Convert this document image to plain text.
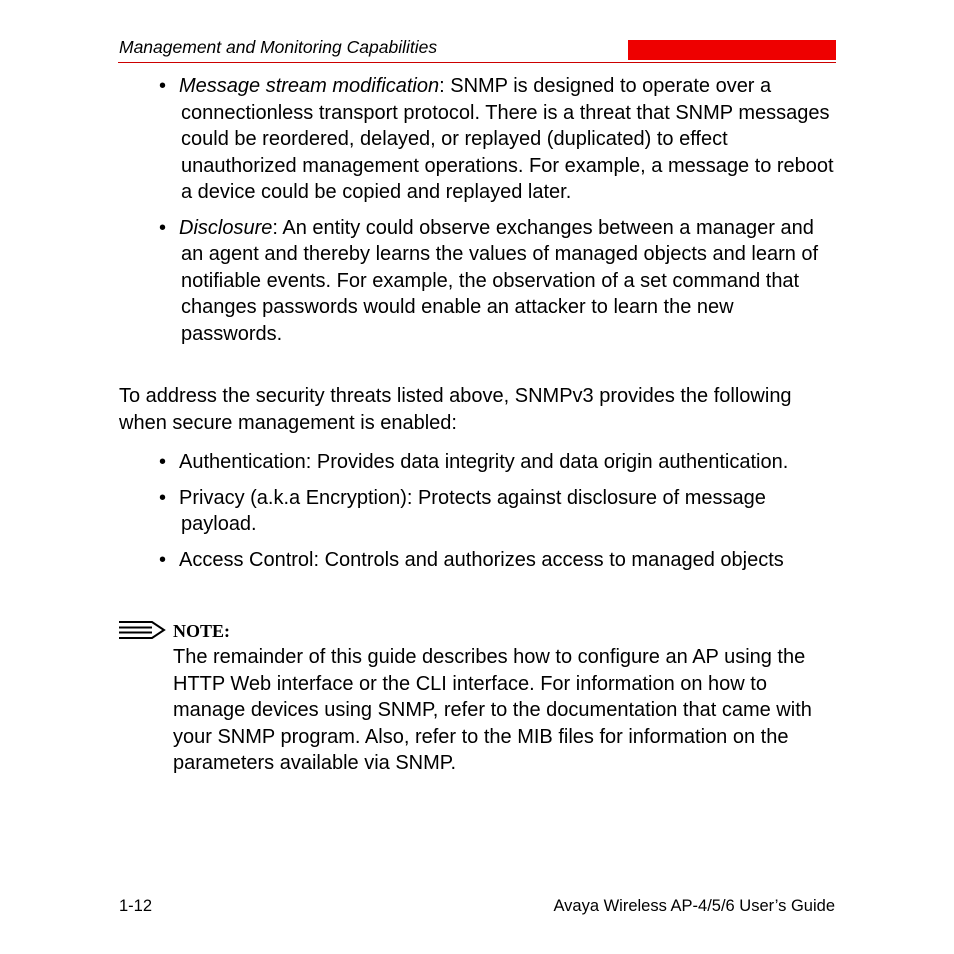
Management and Monitoring Capabilities
• Message stream modification: SNMP is designed to operate over a connectionless transport protocol. There is a threat that SNMP messages could be reordered, delayed, or replayed (duplicated) to effect unauthorized management operations. For example, a message to reboot a device could be copied and replayed later.
• Disclosure: An entity could observe exchanges between a manager and an agent and thereby learns the values of managed objects and learn of notifiable events. For example, the observation of a set command that changes passwords would enable an attacker to learn the new passwords.

To address the security threats listed above, SNMPv3 provides the following when secure management is enabled:

• Authentication: Provides data integrity and data origin authentication.
• Privacy (a.k.a Encryption): Protects against disclosure of message payload.
• Access Control: Controls and authorizes access to managed objects
NOTE:
The remainder of this guide describes how to configure an AP using the HTTP Web interface or the CLI interface. For information on how to manage devices using SNMP, refer to the documentation that came with your SNMP program. Also, refer to the MIB files for information on the parameters available via SNMP.
1-12	Avaya Wireless AP-4/5/6 User’s Guide
